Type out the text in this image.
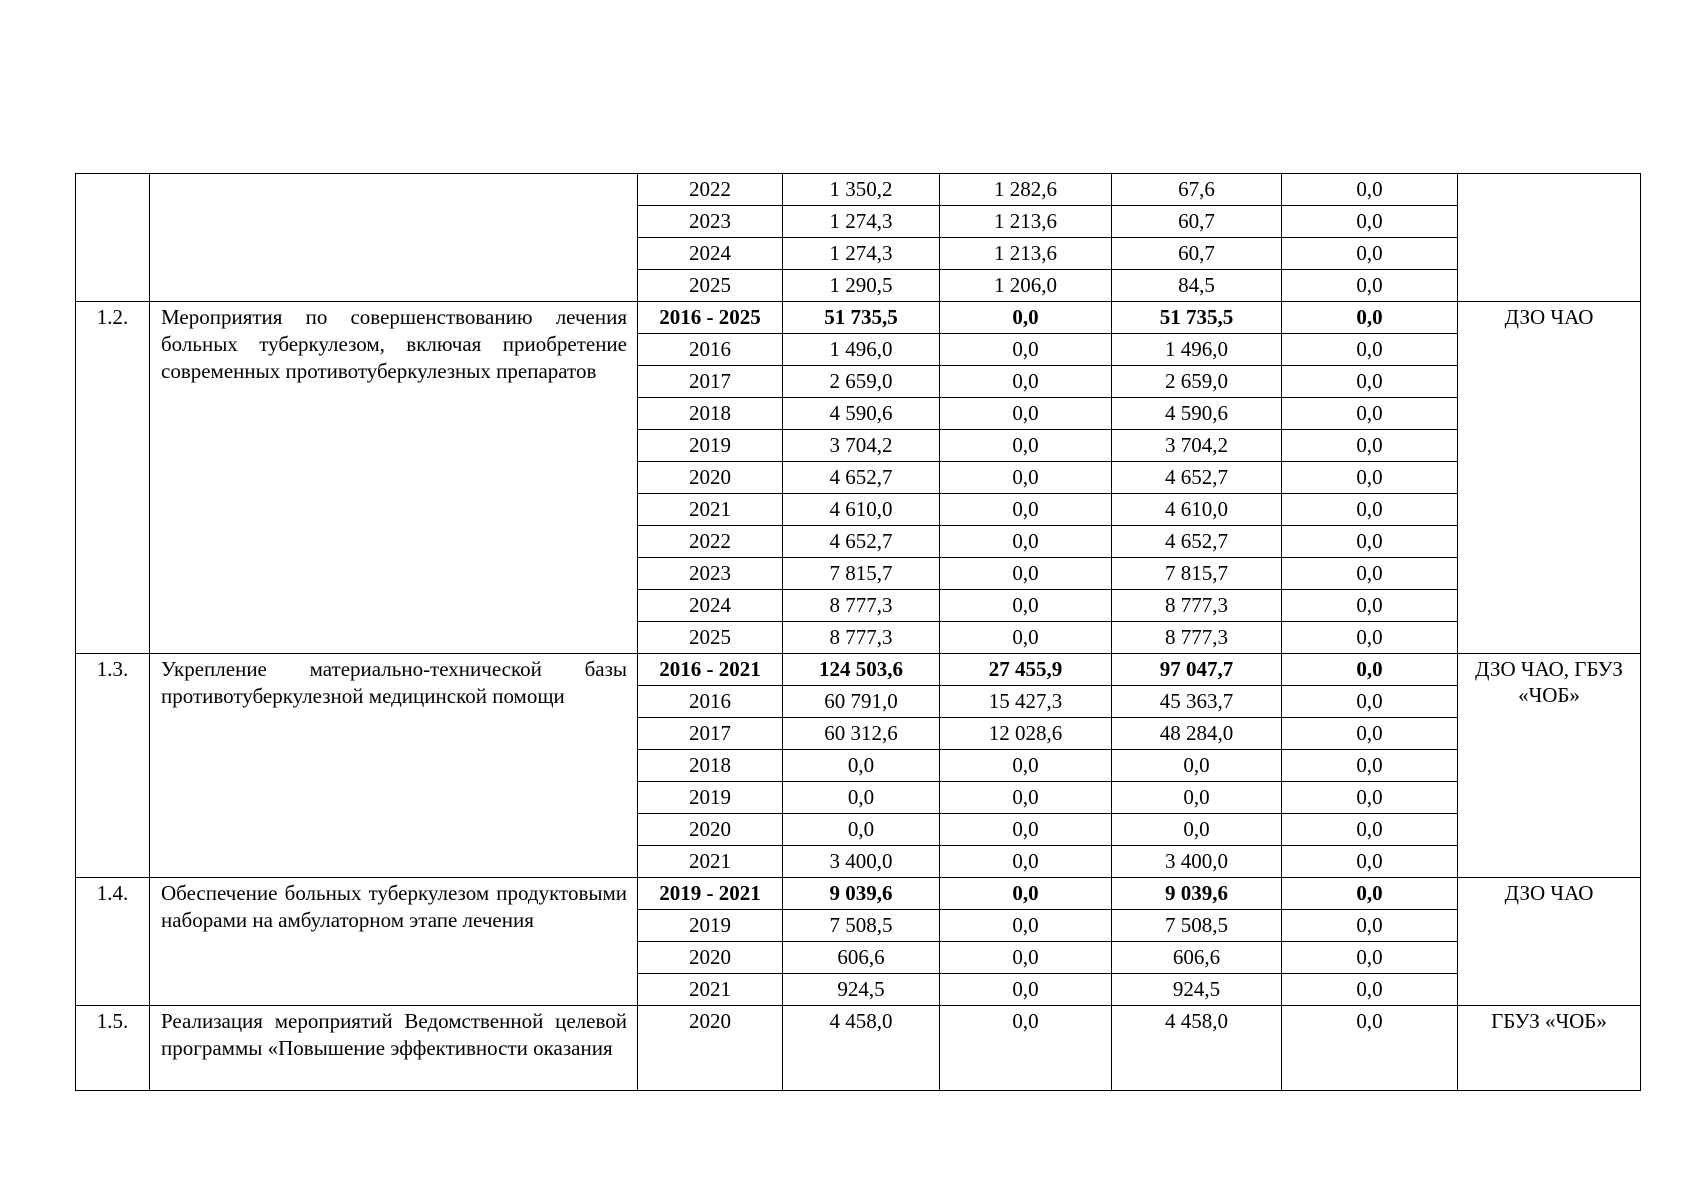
		2022	1 350,2	1 282,6	67,6	0,0	
		2023	1 274,3	1 213,6	60,7	0,0	
		2024	1 274,3	1 213,6	60,7	0,0	
		2025	1 290,5	1 206,0	84,5	0,0	
1.2.	Мероприятия по совершенствованию лечения больных туберкулезом, включая приобретение современных противотуберкулезных препаратов	2016 - 2025	51 735,5	0,0	51 735,5	0,0	ДЗО ЧАО
		2016	1 496,0	0,0	1 496,0	0,0	
		2017	2 659,0	0,0	2 659,0	0,0	
		2018	4 590,6	0,0	4 590,6	0,0	
		2019	3 704,2	0,0	3 704,2	0,0	
		2020	4 652,7	0,0	4 652,7	0,0	
		2021	4 610,0	0,0	4 610,0	0,0	
		2022	4 652,7	0,0	4 652,7	0,0	
		2023	7 815,7	0,0	7 815,7	0,0	
		2024	8 777,3	0,0	8 777,3	0,0	
		2025	8 777,3	0,0	8 777,3	0,0	
1.3.	Укрепление материально-технической базы противотуберкулезной медицинской помощи	2016 - 2021	124 503,6	27 455,9	97 047,7	0,0	ДЗО ЧАО, ГБУЗ «ЧОБ»
		2016	60 791,0	15 427,3	45 363,7	0,0	
		2017	60 312,6	12 028,6	48 284,0	0,0	
		2018	0,0	0,0	0,0	0,0	
		2019	0,0	0,0	0,0	0,0	
		2020	0,0	0,0	0,0	0,0	
		2021	3 400,0	0,0	3 400,0	0,0	
1.4.	Обеспечение больных туберкулезом продуктовыми наборами на амбулаторном этапе лечения	2019 - 2021	9 039,6	0,0	9 039,6	0,0	ДЗО ЧАО
		2019	7 508,5	0,0	7 508,5	0,0	
		2020	606,6	0,0	606,6	0,0	
		2021	924,5	0,0	924,5	0,0	
1.5.	Реализация мероприятий Ведомственной целевой программы «Повышение эффективности оказания	2020	4 458,0	0,0	4 458,0	0,0	ГБУЗ «ЧОБ»
